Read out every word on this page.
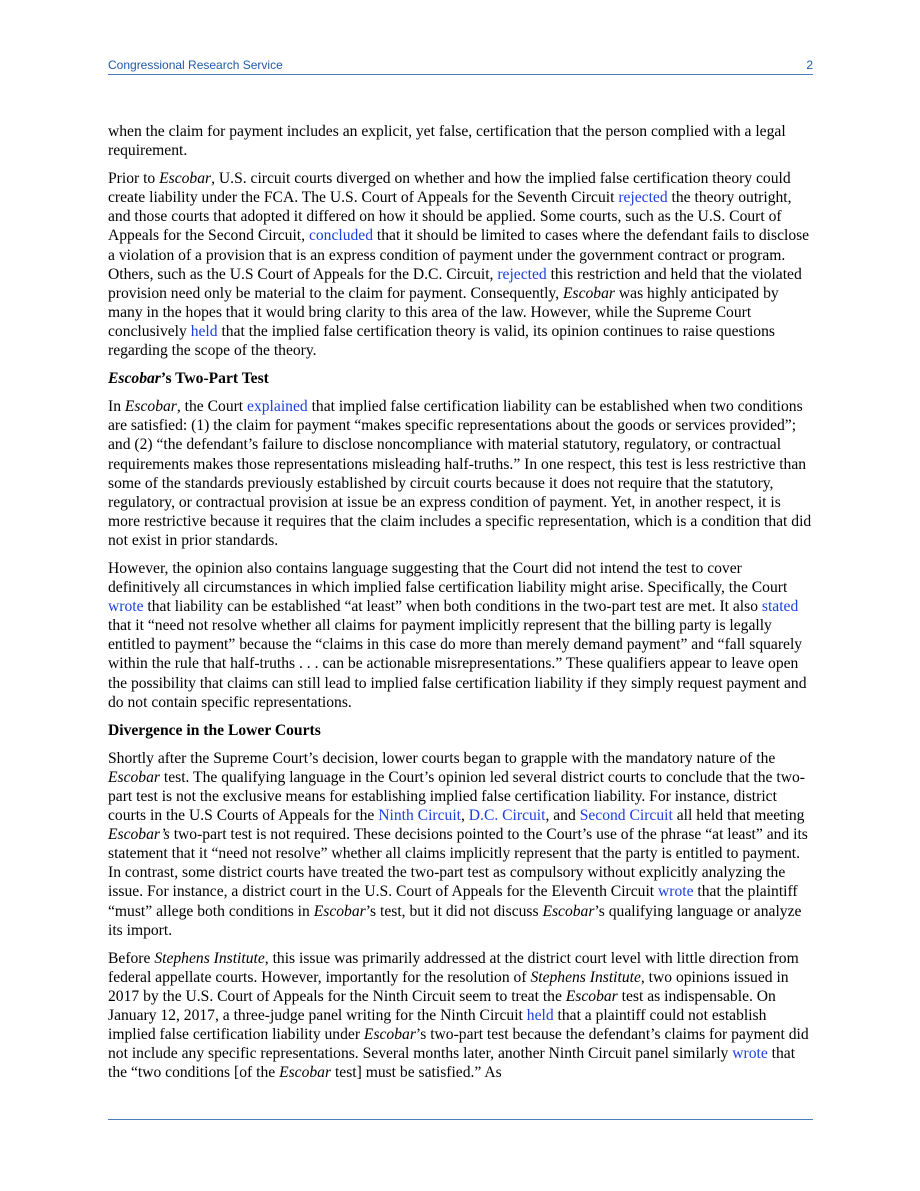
Congressional Research Service	2

when the claim for payment includes an explicit, yet false, certification that the person complied with a legal requirement.

Prior to Escobar, U.S. circuit courts diverged on whether and how the implied false certification theory could create liability under the FCA. The U.S. Court of Appeals for the Seventh Circuit rejected the theory outright, and those courts that adopted it differed on how it should be applied. Some courts, such as the U.S. Court of Appeals for the Second Circuit, concluded that it should be limited to cases where the defendant fails to disclose a violation of a provision that is an express condition of payment under the government contract or program. Others, such as the U.S Court of Appeals for the D.C. Circuit, rejected this restriction and held that the violated provision need only be material to the claim for payment. Consequently, Escobar was highly anticipated by many in the hopes that it would bring clarity to this area of the law. However, while the Supreme Court conclusively held that the implied false certification theory is valid, its opinion continues to raise questions regarding the scope of the theory.

Escobar’s Two-Part Test

In Escobar, the Court explained that implied false certification liability can be established when two conditions are satisfied: (1) the claim for payment “makes specific representations about the goods or services provided”; and (2) “the defendant’s failure to disclose noncompliance with material statutory, regulatory, or contractual requirements makes those representations misleading half-truths.” In one respect, this test is less restrictive than some of the standards previously established by circuit courts because it does not require that the statutory, regulatory, or contractual provision at issue be an express condition of payment. Yet, in another respect, it is more restrictive because it requires that the claim includes a specific representation, which is a condition that did not exist in prior standards.

However, the opinion also contains language suggesting that the Court did not intend the test to cover definitively all circumstances in which implied false certification liability might arise. Specifically, the Court wrote that liability can be established “at least” when both conditions in the two-part test are met. It also stated that it “need not resolve whether all claims for payment implicitly represent that the billing party is legally entitled to payment” because the “claims in this case do more than merely demand payment” and “fall squarely within the rule that half-truths . . . can be actionable misrepresentations.” These qualifiers appear to leave open the possibility that claims can still lead to implied false certification liability if they simply request payment and do not contain specific representations.

Divergence in the Lower Courts

Shortly after the Supreme Court’s decision, lower courts began to grapple with the mandatory nature of the Escobar test. The qualifying language in the Court’s opinion led several district courts to conclude that the two-part test is not the exclusive means for establishing implied false certification liability. For instance, district courts in the U.S Courts of Appeals for the Ninth Circuit, D.C. Circuit, and Second Circuit all held that meeting Escobar’s two-part test is not required. These decisions pointed to the Court’s use of the phrase “at least” and its statement that it “need not resolve” whether all claims implicitly represent that the party is entitled to payment. In contrast, some district courts have treated the two-part test as compulsory without explicitly analyzing the issue. For instance, a district court in the U.S. Court of Appeals for the Eleventh Circuit wrote that the plaintiff “must” allege both conditions in Escobar’s test, but it did not discuss Escobar’s qualifying language or analyze its import.

Before Stephens Institute, this issue was primarily addressed at the district court level with little direction from federal appellate courts. However, importantly for the resolution of Stephens Institute, two opinions issued in 2017 by the U.S. Court of Appeals for the Ninth Circuit seem to treat the Escobar test as indispensable. On January 12, 2017, a three-judge panel writing for the Ninth Circuit held that a plaintiff could not establish implied false certification liability under Escobar’s two-part test because the defendant’s claims for payment did not include any specific representations. Several months later, another Ninth Circuit panel similarly wrote that the “two conditions [of the Escobar test] must be satisfied.” As
